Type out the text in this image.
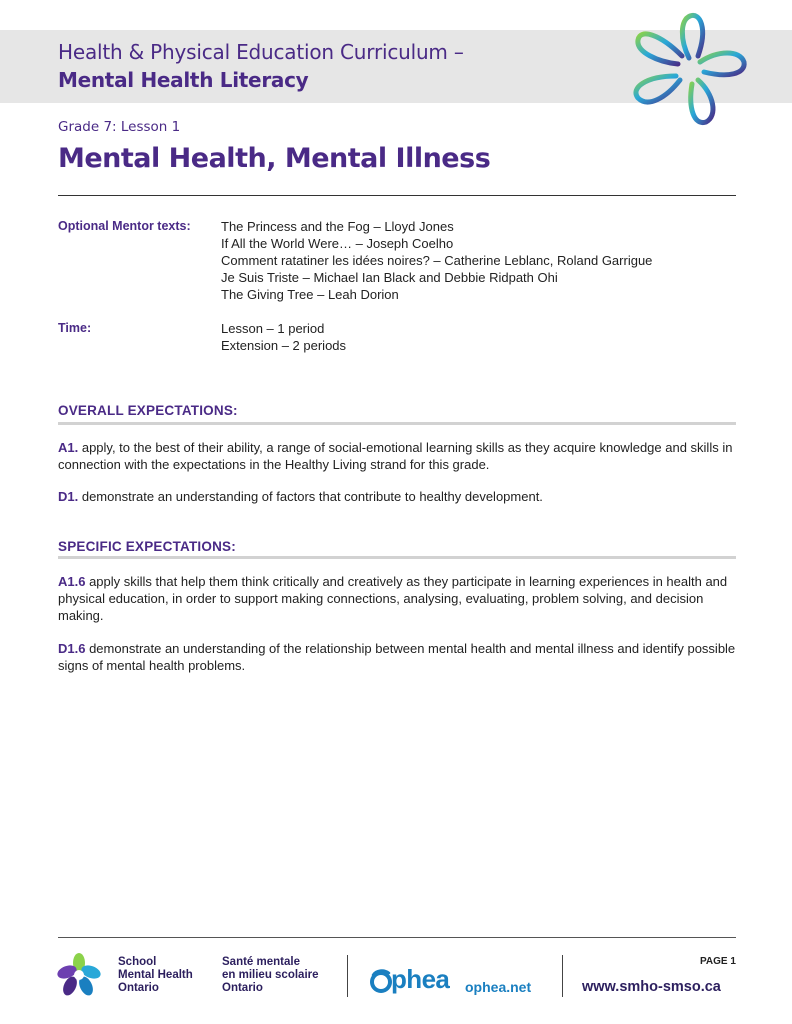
Health & Physical Education Curriculum –
Mental Health Literacy
Grade 7: Lesson 1
Mental Health, Mental Illness
Optional Mentor texts: The Princess and the Fog – Lloyd Jones
If All the World Were… – Joseph Coelho
Comment ratatiner les idées noires? – Catherine Leblanc, Roland Garrigue
Je Suis Triste – Michael Ian Black and Debbie Ridpath Ohi
The Giving Tree – Leah Dorion
Time:	Lesson – 1 period
Extension – 2 periods
OVERALL EXPECTATIONS:
A1. apply, to the best of their ability, a range of social-emotional learning skills as they acquire knowledge and skills in connection with the expectations in the Healthy Living strand for this grade.
D1. demonstrate an understanding of factors that contribute to healthy development.
SPECIFIC EXPECTATIONS:
A1.6 apply skills that help them think critically and creatively as they participate in learning experiences in health and physical education, in order to support making connections, analysing, evaluating, problem solving, and decision making.
D1.6 demonstrate an understanding of the relationship between mental health and mental illness and identify possible signs of mental health problems.
School
Mental Health
Ontario
Santé mentale
en milieu scolaire
Ontario	phea ophea.net
PAGE 1
www.smho-smso.ca
